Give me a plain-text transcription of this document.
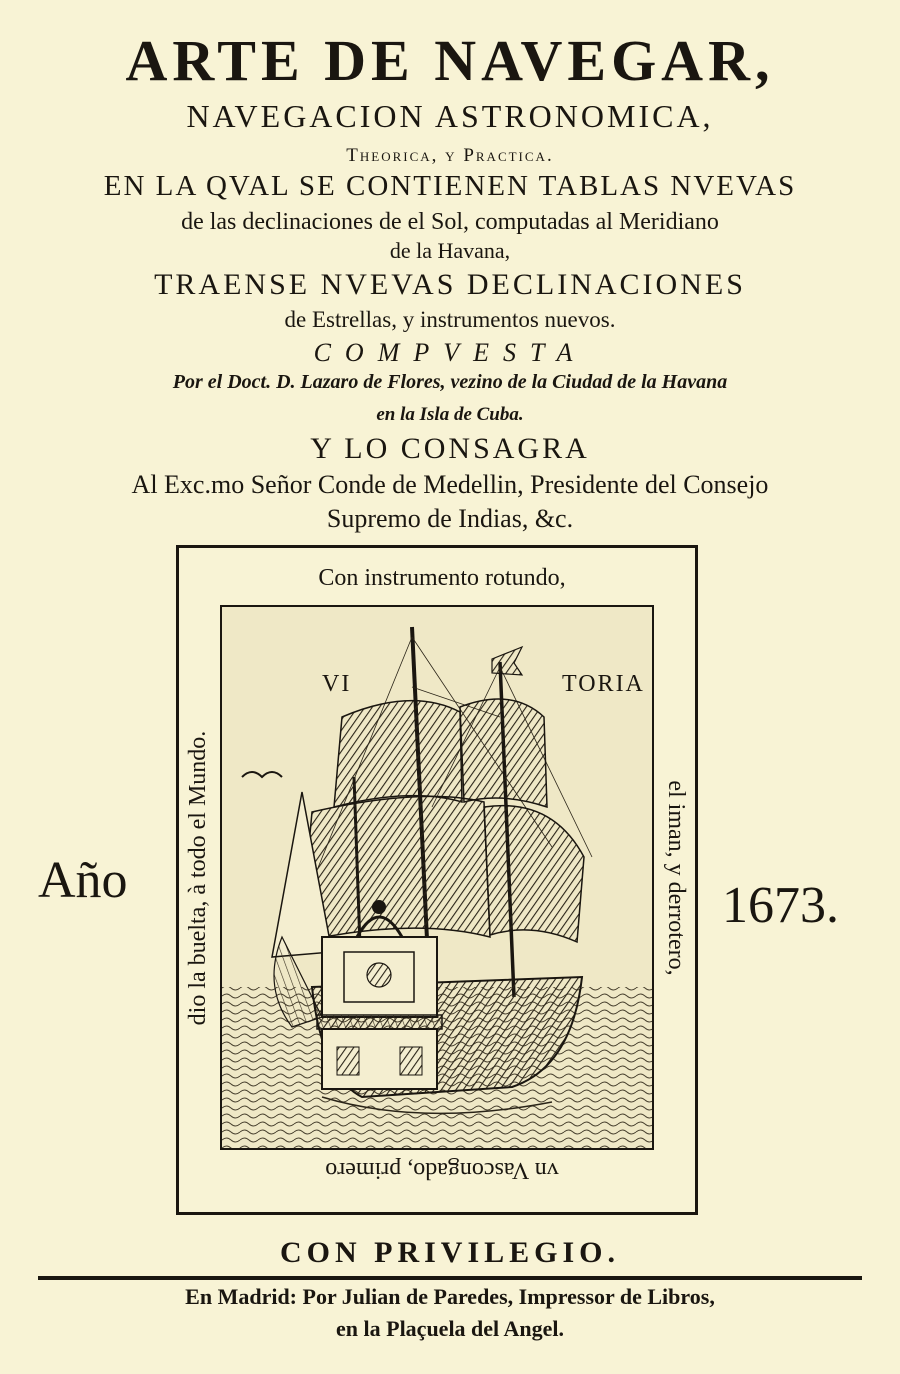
ARTE DE NAVEGAR,
NAVEGACION ASTRONOMICA,
Theorica, y Practica.
EN LA QVAL SE CONTIENEN TABLAS NVEVAS
de las declinaciones de el Sol, computadas al Meridiano
de la Havana,
TRAENSE NVEVAS DECLINACIONES
de Estrellas, y instrumentos nuevos.
COMPVESTA
Por el Doct. D. Lazaro de Flores, vezino de la Ciudad de la Havana
en la Isla de Cuba.
Y LO CONSAGRA
Al Exc.mo Señor Conde de Medellin, Presidente del Consejo
Supremo de Indias, &c.
Año	1673.
Con instrumento rotundo,
el iman, y derrotero,
vn Vascongado, primero
dio la buelta, à todo el Mundo.
VI	TORIA
CON PRIVILEGIO.
En Madrid: Por Julian de Paredes, Impressor de Libros,
en la Plaçuela del Angel.
